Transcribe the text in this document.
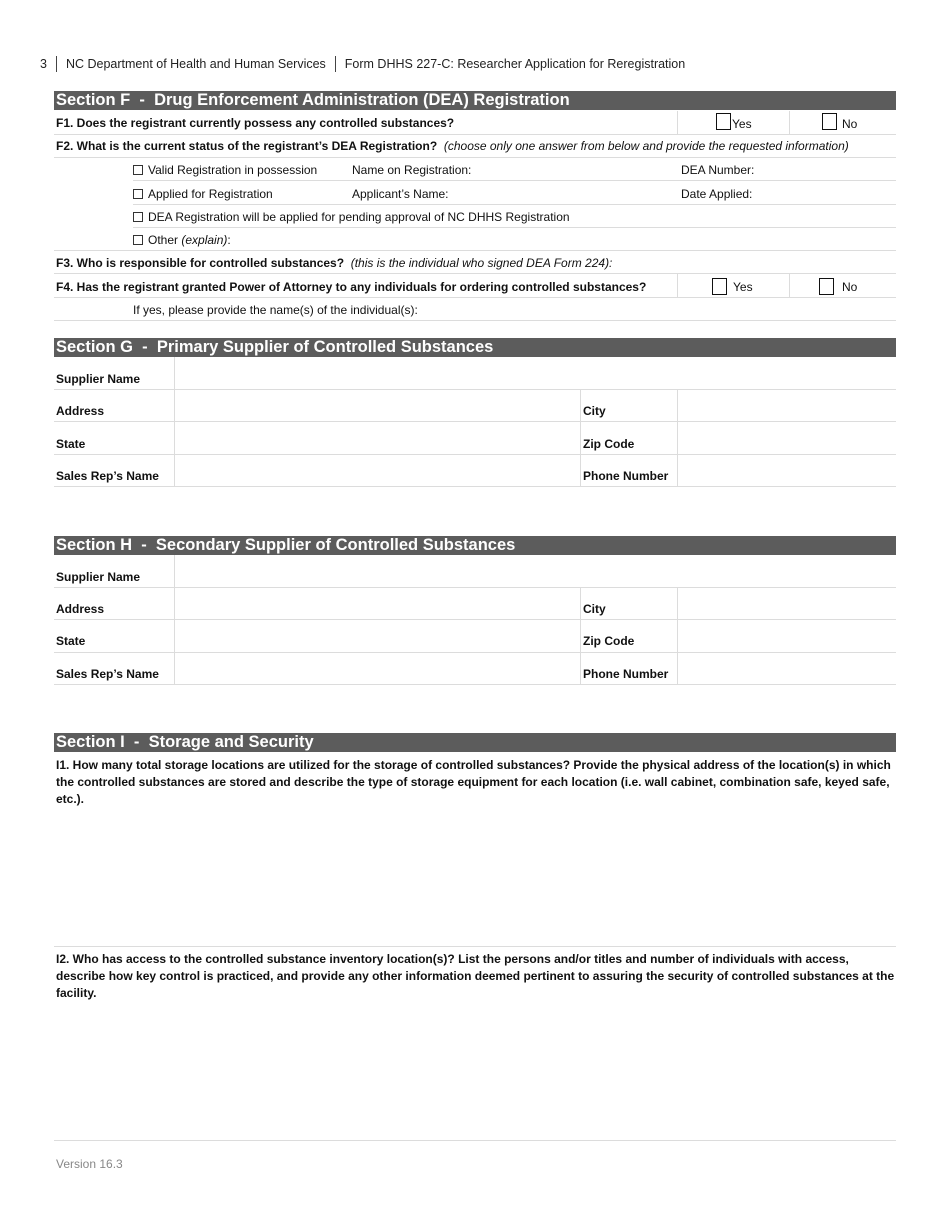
3 NC Department of Health and Human Services Form DHHS 227-C: Researcher Application for Reregistration
Section F  -  Drug Enforcement Administration (DEA) Registration
F1. Does the registrant currently possess any controlled substances?	Yes	No
F2. What is the current status of the registrant’s DEA Registration? (choose only one answer from below and provide the requested information)
Valid Registration in possession	Name on Registration:	DEA Number:
Applied for Registration	Applicant’s Name:	Date Applied:
DEA Registration will be applied for pending approval of NC DHHS Registration
Other (explain):
F3. Who is responsible for controlled substances? (this is the individual who signed DEA Form 224):
F4. Has the registrant granted Power of Attorney to any individuals for ordering controlled substances?	Yes	No
If yes, please provide the name(s) of the individual(s):
Section G  -  Primary Supplier of Controlled Substances
Supplier Name
Address	City
State	Zip Code
Sales Rep’s Name	Phone Number
Section H  -  Secondary Supplier of Controlled Substances
Supplier Name
Address	City
State	Zip Code
Sales Rep’s Name	Phone Number
Section I  -  Storage and Security
I1. How many total storage locations are utilized for the storage of controlled substances? Provide the physical address of the location(s) in which the controlled substances are stored and describe the type of storage equipment for each location (i.e. wall cabinet, combination safe, keyed safe, etc.).
I2. Who has access to the controlled substance inventory location(s)? List the persons and/or titles and number of individuals with access, describe how key control is practiced, and provide any other information deemed pertinent to assuring the security of controlled substances at the facility.
Version 16.3
